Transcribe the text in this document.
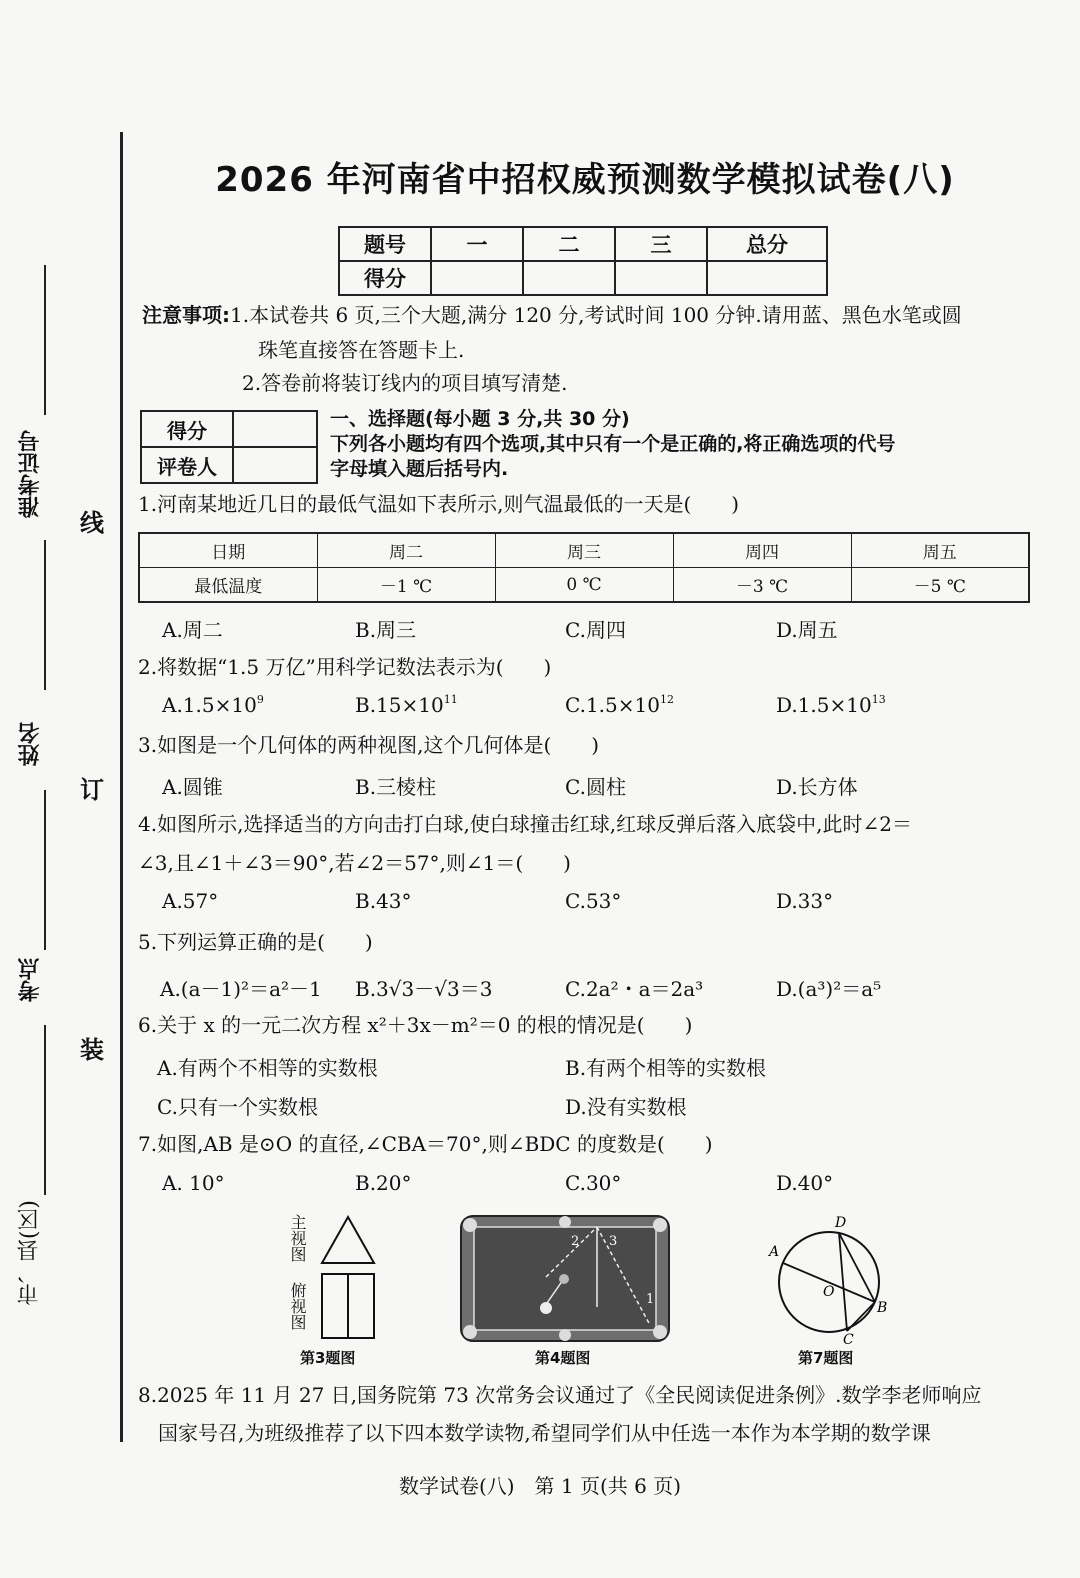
准考证号
姓名
考点
市、县(区)
线
订
装
2026 年河南省中招权威预测数学模拟试卷(八)
题号	一	二	三	总分
得分				
注意事项:1.本试卷共 6 页,三个大题,满分 120 分,考试时间 100 分钟.请用蓝、黑色水笔或圆
珠笔直接答在答题卡上.
2.答卷前将装订线内的项目填写清楚.
得分	
评卷人	
一、选择题(每小题 3 分,共 30 分)
下列各小题均有四个选项,其中只有一个是正确的,将正确选项的代号
字母填入题后括号内.
1.河南某地近几日的最低气温如下表所示,则气温最低的一天是(　　)
日期	周二	周三	周四	周五
最低温度	－1 ℃	0 ℃	－3 ℃	－5 ℃
A.周二	B.周三	C.周四	D.周五
2.将数据“1.5 万亿”用科学记数法表示为(　　)
$A.1.5\times 10^9$	$B.15\times 10^{11}$	$C.1.5\times 10^{12}$	$D.1.5\times 10^{13}$
3.如图是一个几何体的两种视图,这个几何体是(　　)
A.圆锥	B.三棱柱	C.圆柱	D.长方体
4.如图所示,选择适当的方向击打白球,使白球撞击红球,红球反弹后落入底袋中,此时∠2＝
∠3,且∠1＋∠3＝90°,若∠2＝57°,则∠1＝(　　)
A.57°	B.43°	C.53°	D.33°
5.下列运算正确的是(　　)
A.(a－1)²＝a²－1 B.3√3－√3＝3	C.2a²・a＝2a³	D.(a³)²＝a⁵
6.关于 x 的一元二次方程 x²＋3x－m²＝0 的根的情况是(　　)
A.有两个不相等的实数根	B.有两个相等的实数根
C.只有一个实数根	D.没有实数根
7.如图,AB 是⊙O 的直径,∠CBA＝70°,则∠BDC 的度数是(　　)
A. 10°	B.20°	C.30°	D.40°
主视图
俯视图
第3题图
2 3
1
第4题图
D
A
O
B
C
第7题图
8.2025 年 11 月 27 日,国务院第 73 次常务会议通过了《全民阅读促进条例》.数学李老师响应
国家号召,为班级推荐了以下四本数学读物,希望同学们从中任选一本作为本学期的数学课
数学试卷(八)　第 1 页(共 6 页)
